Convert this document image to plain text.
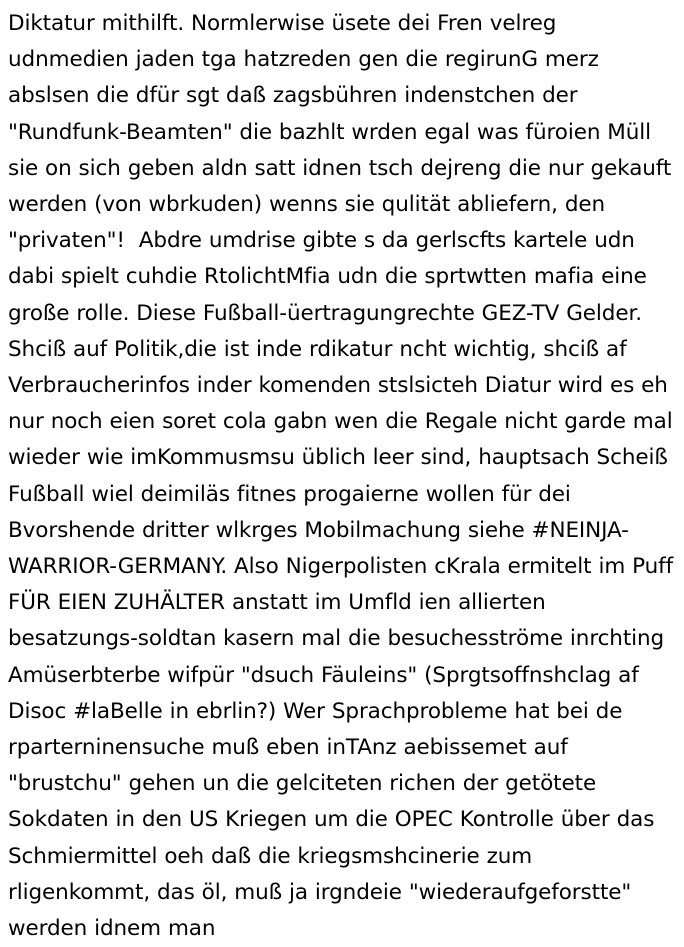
Diktatur mithilft. Normlerwise üsete dei Fren velreg udnmedien jaden tga hatzreden gen die regirunG merz abslsen die dfür sgt daß zagsbühren indenstchen der "Rundfunk-Beamten" die bazhlt wrden egal was füroien Müll sie on sich geben aldn satt idnen tsch dejreng die nur gekauft werden (von wbrkuden) wenns sie qulität abliefern, den "privaten"!  Abdre umdrise gibte s da gerlscfts kartele udn dabi spielt cuhdie RtolichtMfia udn die sprtwtten mafia eine große rolle. Diese Fußball-üertragungrechte GEZ-TV Gelder. Shciß auf Politik,die ist inde rdikatur ncht wichtig, shciß af Verbraucherinfos inder komenden stslsicteh Diatur wird es eh nur noch eien soret cola gabn wen die Regale nicht garde mal wieder wie imKommusmsu üblich leer sind, hauptsach Scheiß Fußball wiel deimiläs fitnes progaierne wollen für dei Bvorshende dritter wlkrges Mobilmachung siehe #NEINJA-WARRIOR-GERMANY. Also Nigerpolisten cKrala ermitelt im Puff FÜR EIEN ZUHÄLTER anstatt im Umfld ien allierten besatzungs-soldtan kasern mal die besuchesströme inrchting Amüserbterbe wifpür "dsuch Fäuleins" (Sprgtsoffnshclag af Disoc #laBelle in ebrlin?) Wer Sprachprobleme hat bei de rparterninensuche muß eben inTAnz aebissemet auf "brustchu" gehen un die gelciteten richen der getötete Sokdaten in den US Kriegen um die OPEC Kontrolle über das Schmiermittel oeh daß die kriegsmshcinerie zum rligenkommt, das öl, muß ja irgndeie "wiederaufgeforstte" werden idnem man
